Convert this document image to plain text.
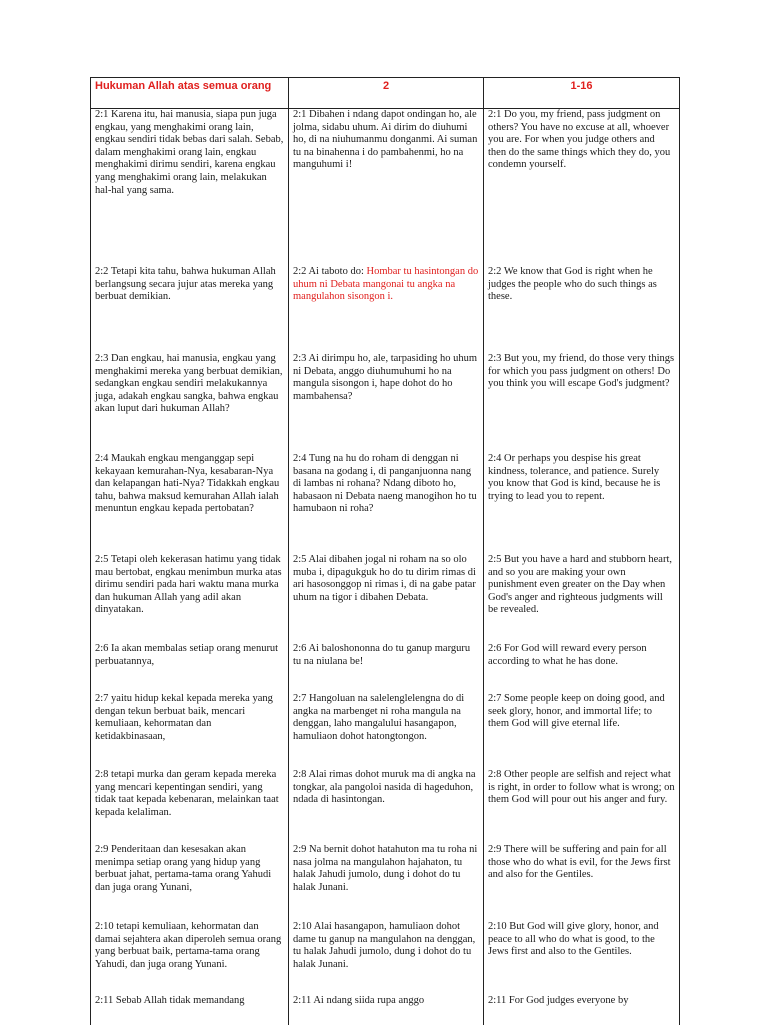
Hukuman Allah atas semua orang	2	1-16

2:1 Karena itu, hai manusia, siapa pun juga engkau, yang menghakimi orang lain, engkau sendiri tidak bebas dari salah. Sebab, dalam menghakimi orang lain, engkau menghakimi dirimu sendiri, karena engkau yang menghakimi orang lain, melakukan hal-hal yang sama.	2:1 Dibahen i ndang dapot ondingan ho, ale jolma, sidabu uhum. Ai dirim do diuhumi ho, di na niuhumanmu donganmi. Ai suman tu na binahenna i do pambahenmi, ho na manguhumi i!	2:1 Do you, my friend, pass judgment on others? You have no excuse at all, whoever you are. For when you judge others and then do the same things which they do, you condemn yourself.

2:2 Tetapi kita tahu, bahwa hukuman Allah berlangsung secara jujur atas mereka yang berbuat demikian.	2:2 Ai taboto do: Hombar tu hasintongan do uhum ni Debata mangonai tu angka na mangulahon sisongon i.	2:2 We know that God is right when he judges the people who do such things as these.

2:3 Dan engkau, hai manusia, engkau yang menghakimi mereka yang berbuat demikian, sedangkan engkau sendiri melakukannya juga, adakah engkau sangka, bahwa engkau akan luput dari hukuman Allah?	2:3 Ai dirimpu ho, ale, tarpasiding ho uhum ni Debata, anggo diuhumuhumi ho na mangula sisongon i, hape dohot do ho mambahensa?	2:3 But you, my friend, do those very things for which you pass judgment on others! Do you think you will escape God's judgment?

2:4 Maukah engkau menganggap sepi kekayaan kemurahan-Nya, kesabaran-Nya dan kelapangan hati-Nya? Tidakkah engkau tahu, bahwa maksud kemurahan Allah ialah menuntun engkau kepada pertobatan?	2:4 Tung na hu do roham di denggan ni basana na godang i, di panganjuonna nang di lambas ni rohana? Ndang diboto ho, habasaon ni Debata naeng manogihon ho tu hamubaon ni roha?	2:4 Or perhaps you despise his great kindness, tolerance, and patience. Surely you know that God is kind, because he is trying to lead you to repent.

2:5 Tetapi oleh kekerasan hatimu yang tidak mau bertobat, engkau menimbun murka atas dirimu sendiri pada hari waktu mana murka dan hukuman Allah yang adil akan dinyatakan.	2:5 Alai dibahen jogal ni roham na so olo muba i, dipagukguk ho do tu dirim rimas di ari hasosonggop ni rimas i, di na gabe patar uhum na tigor i dibahen Debata.	2:5 But you have a hard and stubborn heart, and so you are making your own punishment even greater on the Day when God's anger and righteous judgments will be revealed.

2:6 Ia akan membalas setiap orang menurut perbuatannya,	2:6 Ai baloshononna do tu ganup marguru tu na niulana be!	2:6 For God will reward every person according to what he has done.

2:7 yaitu hidup kekal kepada mereka yang dengan tekun berbuat baik, mencari kemuliaan, kehormatan dan ketidakbinasaan,	2:7 Hangoluan na salelenglelengna do di angka na marbenget ni roha mangula na denggan, laho mangalului hasangapon, hamuliaon dohot hatongtongon.	2:7 Some people keep on doing good, and seek glory, honor, and immortal life; to them God will give eternal life.

2:8 tetapi murka dan geram kepada mereka yang mencari kepentingan sendiri, yang tidak taat kepada kebenaran, melainkan taat kepada kelaliman.	2:8 Alai rimas dohot muruk ma di angka na tongkar, ala pangoloi nasida di hageduhon, ndada di hasintongan.	2:8 Other people are selfish and reject what is right, in order to follow what is wrong; on them God will pour out his anger and fury.

2:9 Penderitaan dan kesesakan akan menimpa setiap orang yang hidup yang berbuat jahat, pertama-tama orang Yahudi dan juga orang Yunani,	2:9 Na bernit dohot hatahuton ma tu roha ni nasa jolma na mangulahon hajahaton, tu halak Jahudi jumolo, dung i dohot do tu halak Junani.	2:9 There will be suffering and pain for all those who do what is evil, for the Jews first and also for the Gentiles.

2:10 tetapi kemuliaan, kehormatan dan damai sejahtera akan diperoleh semua orang yang berbuat baik, pertama-tama orang Yahudi, dan juga orang Yunani.	2:10 Alai hasangapon, hamuliaon dohot dame tu ganup na mangulahon na denggan, tu halak Jahudi jumolo, dung i dohot do tu halak Junani.	2:10 But God will give glory, honor, and peace to all who do what is good, to the Jews first and also to the Gentiles.

2:11 Sebab Allah tidak memandang	2:11 Ai ndang siida rupa anggo	2:11 For God judges everyone by
